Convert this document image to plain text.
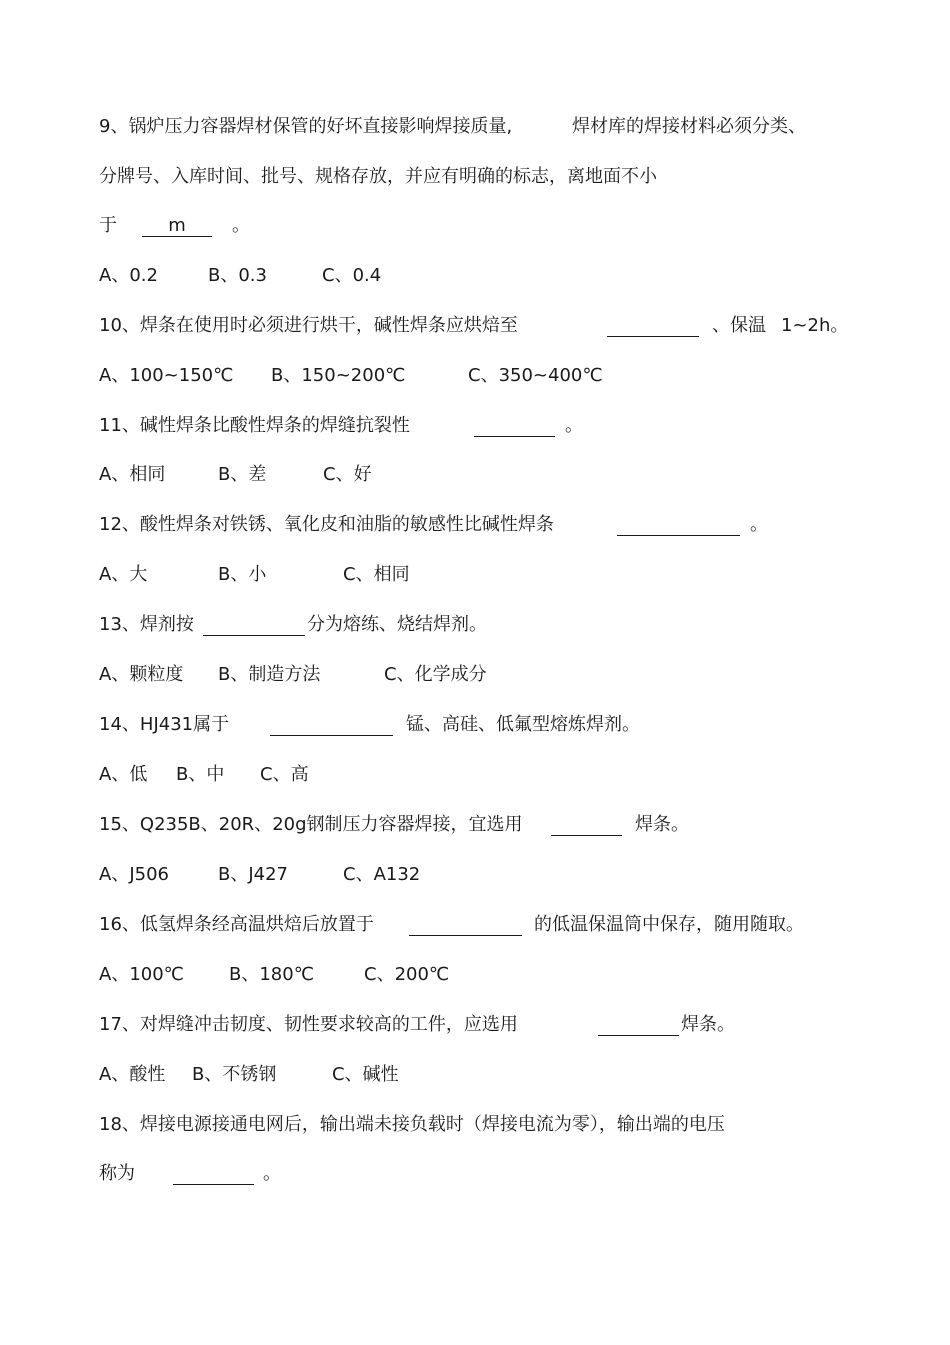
9、锅炉压力容器焊材保管的好坏直接影响焊接质量,	焊材库的焊接材料必须分类、
分牌号、入库时间、批号、规格存放，并应有明确的标志，离地面不小
于	m	。
A、0.2	B、0.3	C、0.4
10、焊条在使用时必须进行烘干，碱性焊条应烘焙至	、保温 1~2h。
A、100~150℃ B、150~200℃	C、350~400℃
11、碱性焊条比酸性焊条的焊缝抗裂性	。
A、相同	B、差	C、好
12、酸性焊条对铁锈、氧化皮和油脂的敏感性比碱性焊条	。
A、大	B、小	C、相同
13、焊剂按	分为熔练、烧结焊剂。
A、颗粒度 B、制造方法	C、化学成分
14、HJ431属于	锰、高硅、低氟型熔炼焊剂。
A、低 B、中 C、高
15、Q235B、20R、20g钢制压力容器焊接，宜选用	焊条。
A、J506	B、J427	C、A132
16、低氢焊条经高温烘焙后放置于	的低温保温筒中保存，随用随取。
A、100℃	B、180℃	C、200℃
17、对焊缝冲击韧度、韧性要求较高的工件，应选用	焊条。
A、酸性 B、不锈钢	C、碱性
18、焊接电源接通电网后，输出端未接负载时（焊接电流为零），输出端的电压
称为	。
